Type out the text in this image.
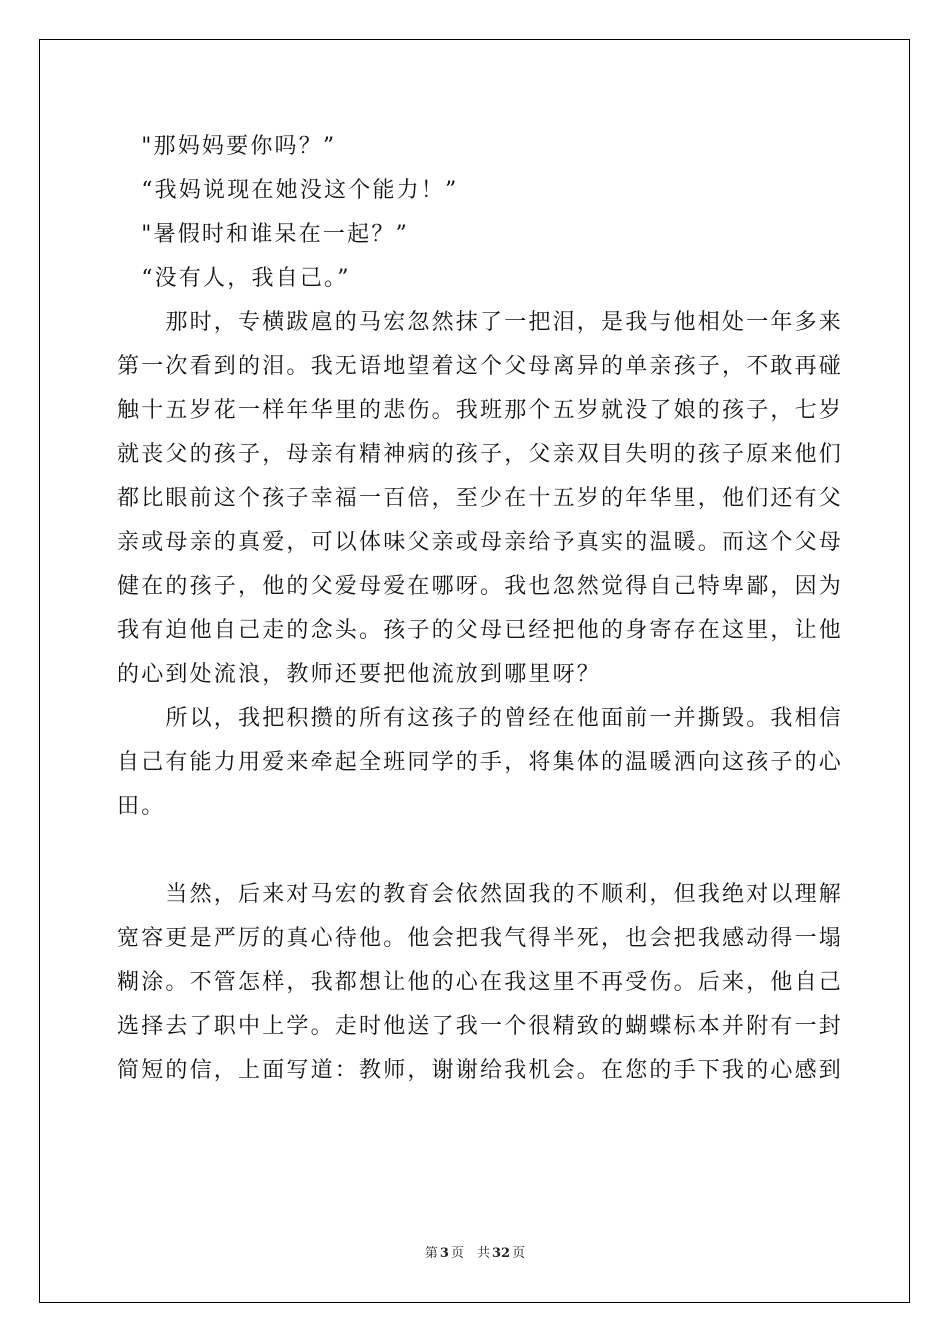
　"那妈妈要你吗？”

　“我妈说现在她没这个能力！”

　"暑假时和谁呆在一起？”

　“没有人，我自己。”

　　那时，专横跋扈的马宏忽然抹了一把泪，是我与他相处一年多来

第一次看到的泪。我无语地望着这个父母离异的单亲孩子，不敢再碰

触十五岁花一样年华里的悲伤。我班那个五岁就没了娘的孩子，七岁

就丧父的孩子，母亲有精神病的孩子，父亲双目失明的孩子原来他们

都比眼前这个孩子幸福一百倍，至少在十五岁的年华里，他们还有父

亲或母亲的真爱，可以体味父亲或母亲给予真实的温暖。而这个父母

健在的孩子，他的父爱母爱在哪呀。我也忽然觉得自己特卑鄙，因为

我有迫他自己走的念头。孩子的父母已经把他的身寄存在这里，让他

的心到处流浪，教师还要把他流放到哪里呀？

　　所以，我把积攒的所有这孩子的曾经在他面前一并撕毁。我相信

自己有能力用爱来牵起全班同学的手，将集体的温暖洒向这孩子的心

田。

　　当然，后来对马宏的教育会依然固我的不顺利，但我绝对以理解

宽容更是严厉的真心待他。他会把我气得半死，也会把我感动得一塌

糊涂。不管怎样，我都想让他的心在我这里不再受伤。后来，他自己

选择去了职中上学。走时他送了我一个很精致的蝴蝶标本并附有一封

简短的信，上面写道：教师，谢谢给我机会。在您的手下我的心感到

第 3 页　共 32 页
